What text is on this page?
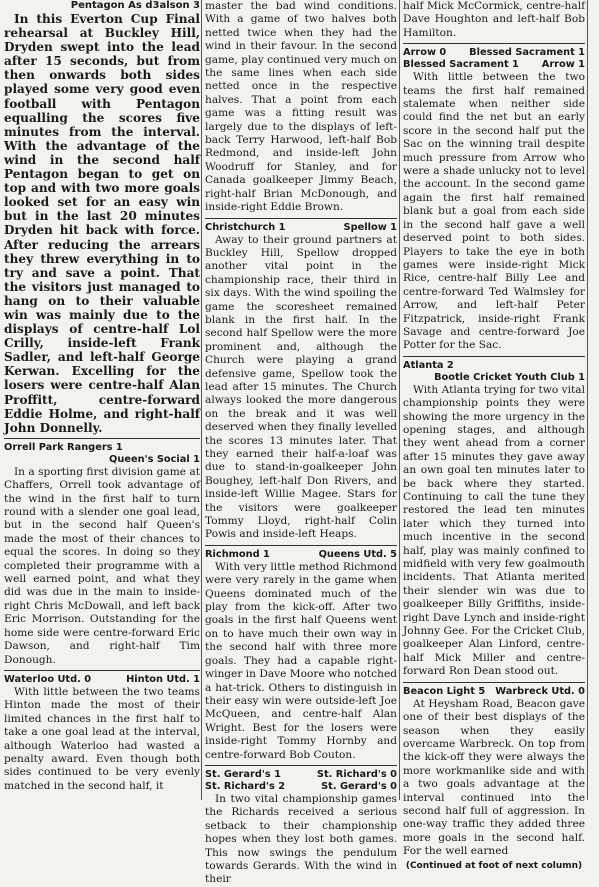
Pentagon As d3alson 3

In this Everton Cup Final rehearsal at Buckley Hill, Dryden swept into the lead after 15 seconds, but from then onwards both sides played some very good even football with Pentagon equalling the scores five minutes from the interval. With the advantage of the wind in the second half Pentagon began to get on top and with two more goals looked set for an easy win but in the last 20 minutes Dryden hit back with force. After reducing the arrears they threw everything in to try and save a point. That the visitors just managed to hang on to their valuable win was mainly due to the displays of centre-half Lol Crilly, inside-left Frank Sadler, and left-half George Kerwan. Excelling for the losers were centre-half Alan Proffitt, centre-forward Eddie Holme, and right-half John Donnelly.

Orrell Park Rangers 1
Queen's Social 1

In a sporting first division game at Chaffers, Orrell took advantage of the wind in the first half to turn round with a slender one goal lead, but in the second half Queen's made the most of their chances to equal the scores. In doing so they completed their programme with a well earned point, and what they did was due in the main to inside-right Chris McDowall, and left back Eric Morrison. Outstanding for the home side were centre-forward Eric Dawson, and right-half Tim Donough.

Waterloo Utd. 0	Hinton Utd. 1

With little between the two teams Hinton made the most of their limited chances in the first half to take a one goal lead at the interval, although Waterloo had wasted a penalty award. Even though both sides continued to be very evenly matched in the second half, it

master the bad wind conditions. With a game of two halves both netted twice when they had the wind in their favour. In the second game, play continued very much on the same lines when each side netted once in the respective halves. That a point from each game was a fitting result was largely due to the displays of left-back Terry Harwood, left-half Bob Redmond, and inside-left John Woodruff for Stanley, and for Canada goalkeeper Jimmy Beach, right-half Brian McDonough, and inside-right Eddie Brown.

Christchurch 1	Spellow 1

Away to their ground partners at Buckley Hill, Spellow dropped another vital point in the championship race, their third in six days. With the wind spoiling the game the scoresheet remained blank in the first half. In the second half Spellow were the more prominent and, although the Church were playing a grand defensive game, Spellow took the lead after 15 minutes. The Church always looked the more dangerous on the break and it was well deserved when they finally levelled the scores 13 minutes later. That they earned their half-a-loaf was due to stand-in-goalkeeper John Boughey, left-half Don Rivers, and inside-left Willie Magee. Stars for the visitors were goalkeeper Tommy Lloyd, right-half Colin Powis and inside-left Heaps.

Richmond 1	Queens Utd. 5

With very little method Richmond were very rarely in the game when Queens dominated much of the play from the kick-off. After two goals in the first half Queens went on to have much their own way in the second half with three more goals. They had a capable right-winger in Dave Moore who notched a hat-trick. Others to distinguish in their easy win were outside-left Joe McQueen, and centre-half Alan Wright. Best for the losers were inside-right Tommy Hornby and centre-forward Bob Couton.

St. Gerard's 1	St. Richard's 0
St. Richard's 2	St. Gerard's 0

In two vital championship games the Richards received a serious setback to their championship hopes when they lost both games. This now swings the pendulum towards Gerards. With the wind in their

half Mick McCormick, centre-half Dave Houghton and left-half Bob Hamilton.

Arrow 0 Blessed Sacrament 1
Blessed Sacrament 1 Arrow 1

With little between the two teams the first half remained stalemate when neither side could find the net but an early score in the second half put the Sac on the winning trail despite much pressure from Arrow who were a shade unlucky not to level the account. In the second game again the first half remained blank but a goal from each side in the second half gave a well deserved point to both sides. Players to take the eye in both games were inside-right Mick Rice, centre-half Billy Lee and centre-forward Ted Walmsley for Arrow, and left-half Peter Fitzpatrick, inside-right Frank Savage and centre-forward Joe Potter for the Sac.

Atlanta 2
Bootle Cricket Youth Club 1

With Atlanta trying for two vital championship points they were showing the more urgency in the opening stages, and although they went ahead from a corner after 15 minutes they gave away an own goal ten minutes later to be back where they started. Continuing to call the tune they restored the lead ten minutes later which they turned into much incentive in the second half, play was mainly confined to midfield with very few goalmouth incidents. That Atlanta merited their slender win was due to goalkeeper Billy Griffiths, inside-right Dave Lynch and inside-right Johnny Gee. For the Cricket Club, goalkeeper Alan Linford, centre-half Mick Miller and centre-forward Ron Dean stood out.

Beacon Light 5 Warbreck Utd. 0

At Heysham Road, Beacon gave one of their best displays of the season when they easily overcame Warbreck. On top from the kick-off they were always the more workmanlike side and with a two goals advantage at the interval continued into the second half full of aggression. In one-way traffic they added three more goals in the second half. For the well earned

(Continued at foot of next column)
